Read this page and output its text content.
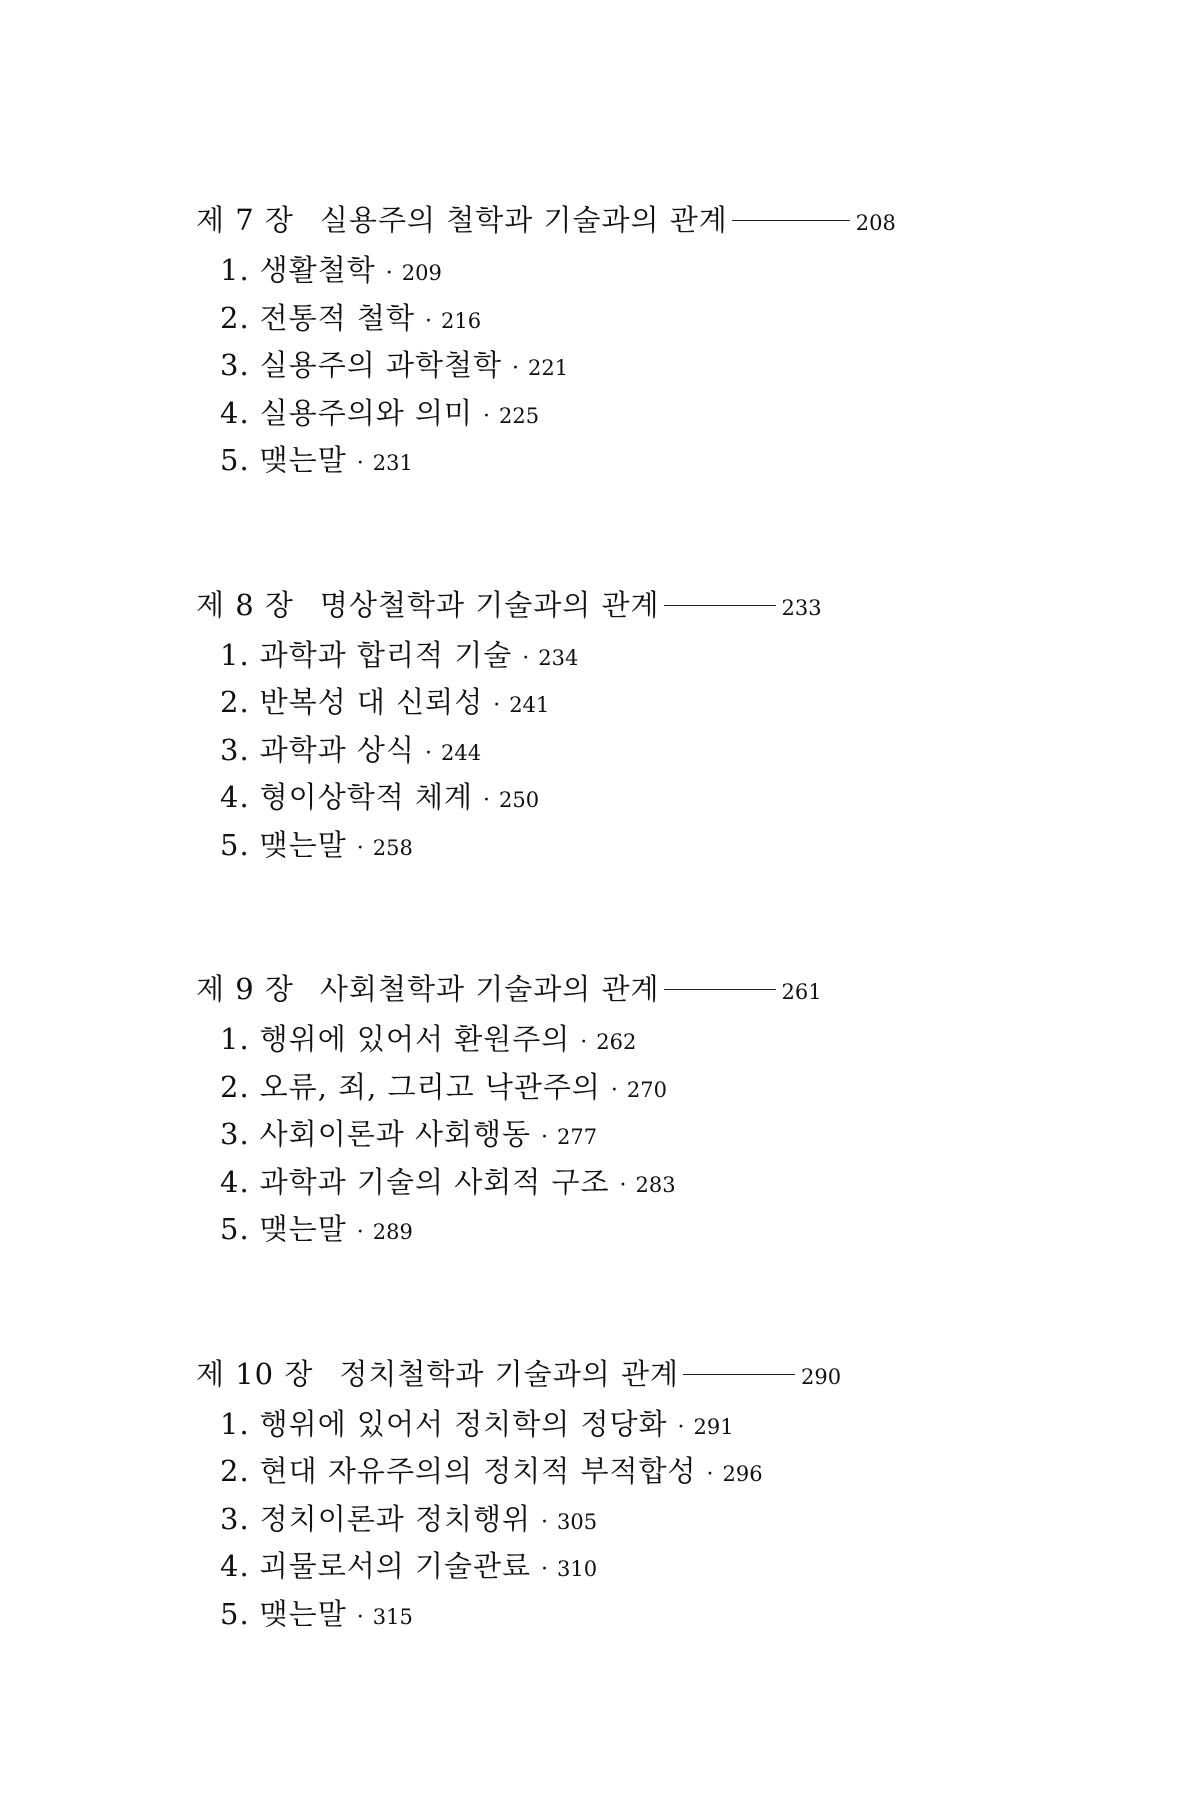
제 7 장 실용주의 철학과 기술과의 관계	208
1. 생활철학 · 209
2. 전통적 철학 · 216
3. 실용주의 과학철학 · 221
4. 실용주의와 의미 · 225
5. 맺는말 · 231
제 8 장 명상철학과 기술과의 관계	233
1. 과학과 합리적 기술 · 234
2. 반복성 대 신뢰성 · 241
3. 과학과 상식 · 244
4. 형이상학적 체계 · 250
5. 맺는말 · 258
제 9 장 사회철학과 기술과의 관계	261
1. 행위에 있어서 환원주의 · 262
2. 오류, 죄, 그리고 낙관주의 · 270
3. 사회이론과 사회행동 · 277
4. 과학과 기술의 사회적 구조 · 283
5. 맺는말 · 289
제 10 장 정치철학과 기술과의 관계	290
1. 행위에 있어서 정치학의 정당화 · 291
2. 현대 자유주의의 정치적 부적합성 · 296
3. 정치이론과 정치행위 · 305
4. 괴물로서의 기술관료 · 310
5. 맺는말 · 315
